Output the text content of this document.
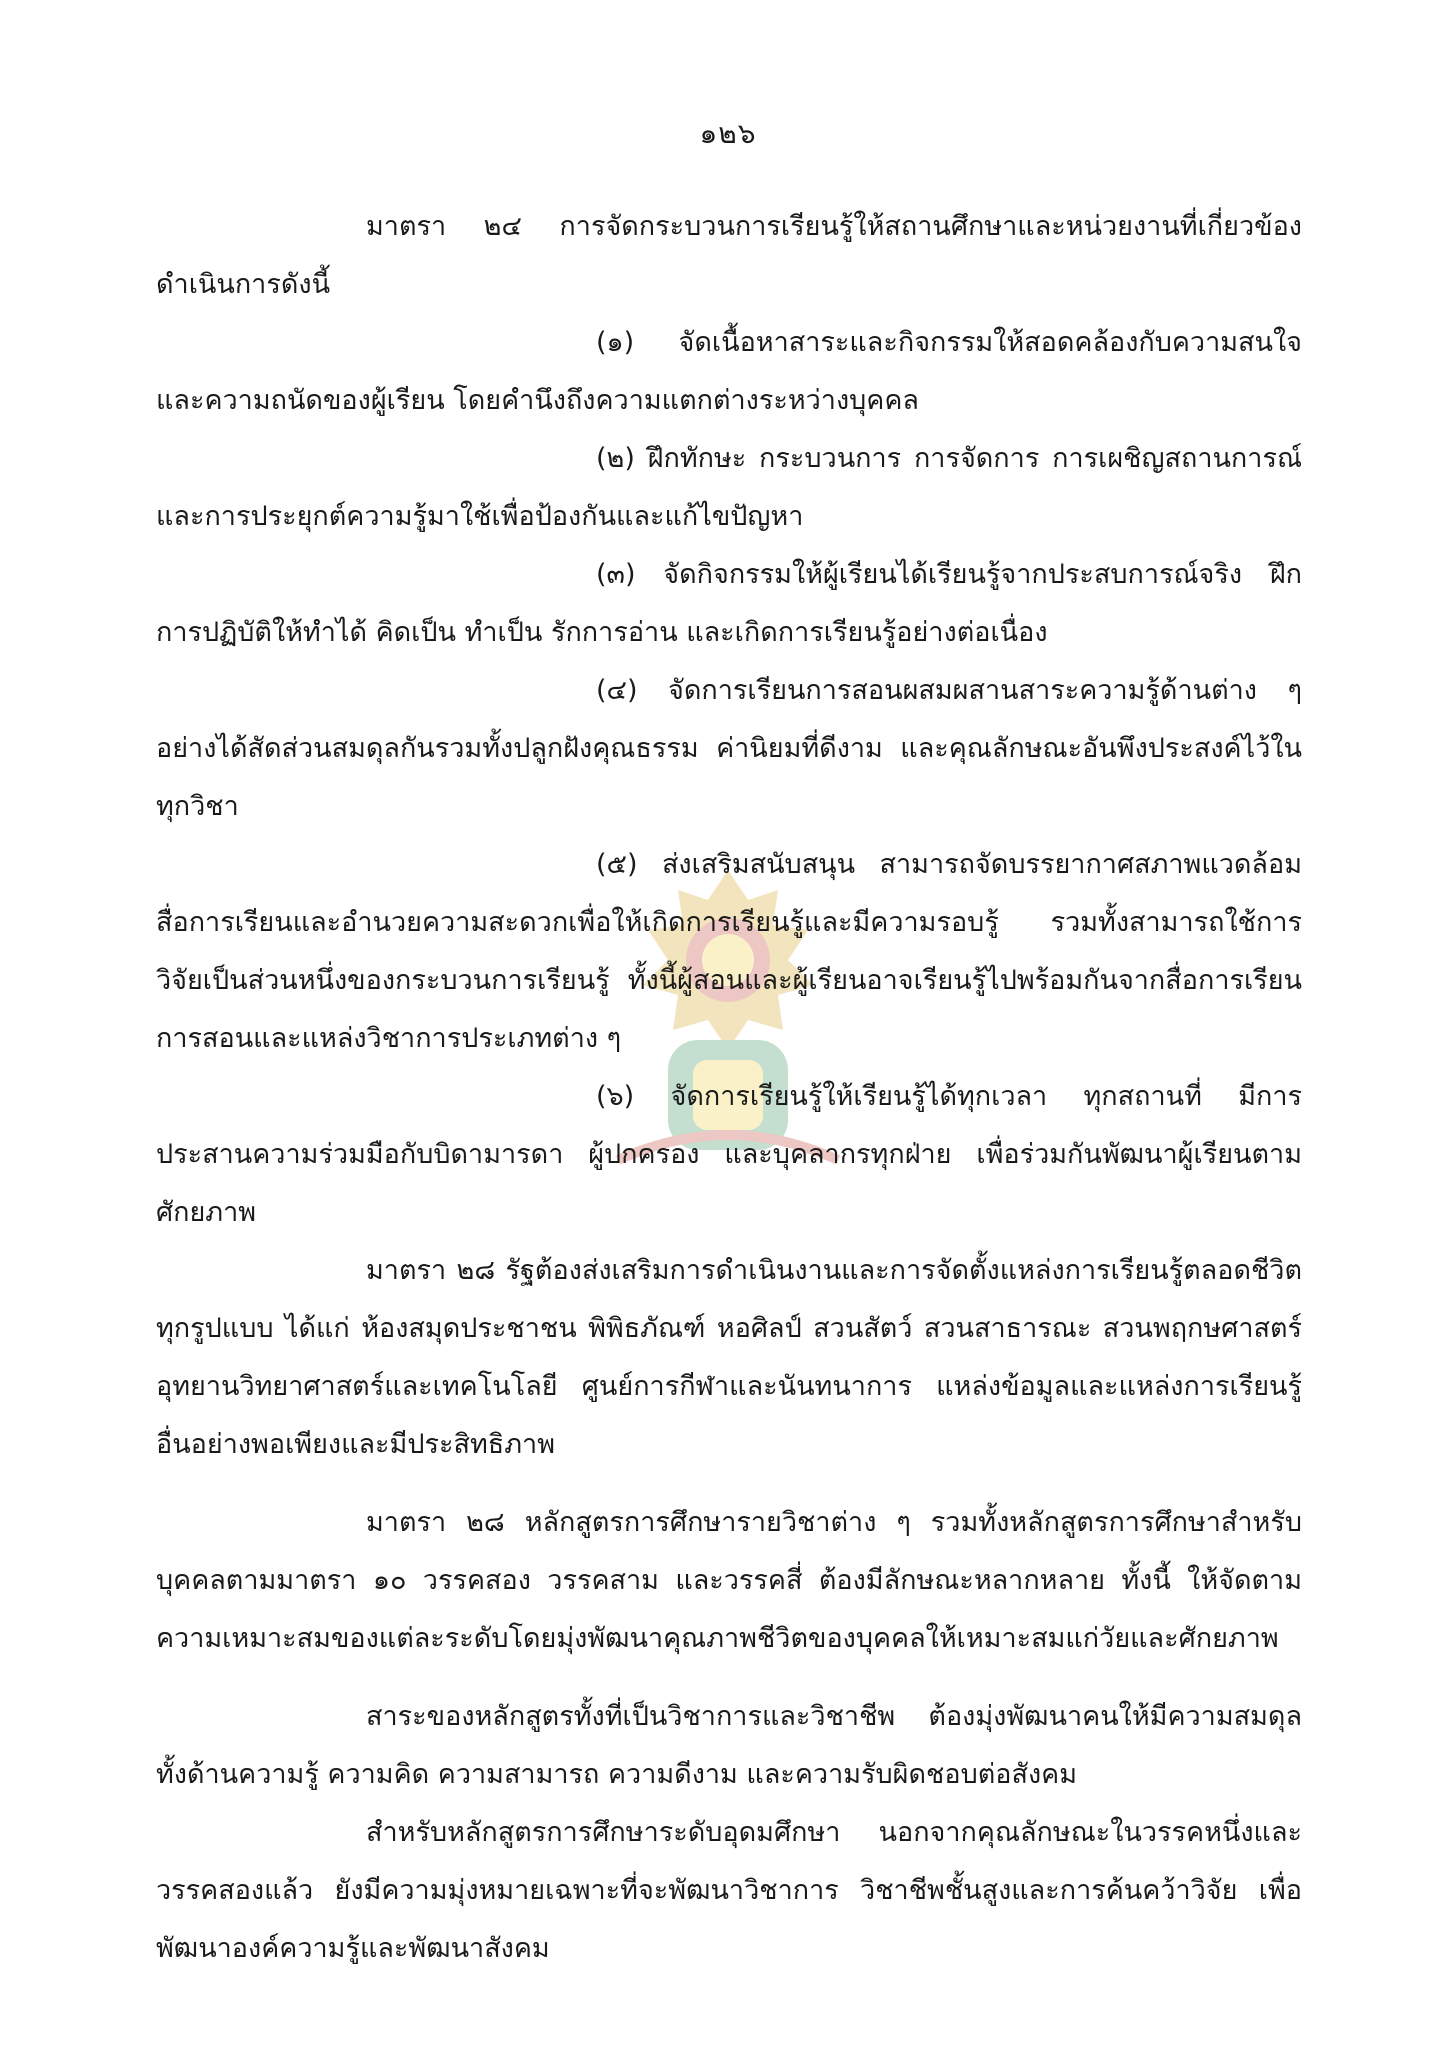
๑๒๖

มาตรา ๒๔ การจัดกระบวนการเรียนรู้ให้สถานศึกษาและหน่วยงานที่เกี่ยวข้อง ดำเนินการดังนี้

(๑) จัดเนื้อหาสาระและกิจกรรมให้สอดคล้องกับความสนใจและความถนัดของผู้เรียน โดยคำนึงถึงความแตกต่างระหว่างบุคคล

(๒) ฝึกทักษะ กระบวนการ การจัดการ การเผชิญสถานการณ์และการประยุกต์ความรู้มาใช้เพื่อป้องกันและแก้ไขปัญหา

(๓) จัดกิจกรรมให้ผู้เรียนได้เรียนรู้จากประสบการณ์จริง ฝึกการปฏิบัติให้ทำได้ คิดเป็น ทำเป็น รักการอ่าน และเกิดการเรียนรู้อย่างต่อเนื่อง

(๔) จัดการเรียนการสอนผสมผสานสาระความรู้ด้านต่าง ๆ อย่างได้สัดส่วนสมดุลกันรวมทั้งปลูกฝังคุณธรรม ค่านิยมที่ดีงาม และคุณลักษณะอันพึงประสงค์ไว้ในทุกวิชา

(๕) ส่งเสริมสนับสนุน สามารถจัดบรรยากาศสภาพแวดล้อม สื่อการเรียนและอำนวยความสะดวกเพื่อให้เกิดการเรียนรู้และมีความรอบรู้ รวมทั้งสามารถใช้การวิจัยเป็นส่วนหนึ่งของกระบวนการเรียนรู้ ทั้งนี้ผู้สอนและผู้เรียนอาจเรียนรู้ไปพร้อมกันจากสื่อการเรียนการสอนและแหล่งวิชาการประเภทต่าง ๆ

(๖) จัดการเรียนรู้ให้เรียนรู้ได้ทุกเวลา ทุกสถานที่ มีการประสานความร่วมมือกับบิดามารดา ผู้ปกครอง และบุคลากรทุกฝ่าย เพื่อร่วมกันพัฒนาผู้เรียนตามศักยภาพ

มาตรา ๒๘ รัฐต้องส่งเสริมการดำเนินงานและการจัดตั้งแหล่งการเรียนรู้ตลอดชีวิตทุกรูปแบบ ได้แก่ ห้องสมุดประชาชน พิพิธภัณฑ์ หอศิลป์ สวนสัตว์ สวนสาธารณะ สวนพฤกษศาสตร์ อุทยานวิทยาศาสตร์และเทคโนโลยี ศูนย์การกีฬาและนันทนาการ แหล่งข้อมูลและแหล่งการเรียนรู้อื่นอย่างพอเพียงและมีประสิทธิภาพ

มาตรา ๒๘ หลักสูตรการศึกษารายวิชาต่าง ๆ รวมทั้งหลักสูตรการศึกษาสำหรับบุคคลตามมาตรา ๑๐ วรรคสอง วรรคสาม และวรรคสี่ ต้องมีลักษณะหลากหลาย ทั้งนี้ ให้จัดตามความเหมาะสมของแต่ละระดับโดยมุ่งพัฒนาคุณภาพชีวิตของบุคคลให้เหมาะสมแก่วัยและศักยภาพ

สาระของหลักสูตรทั้งที่เป็นวิชาการและวิชาชีพ ต้องมุ่งพัฒนาคนให้มีความสมดุลทั้งด้านความรู้ ความคิด ความสามารถ ความดีงาม และความรับผิดชอบต่อสังคม

สำหรับหลักสูตรการศึกษาระดับอุดมศึกษา นอกจากคุณลักษณะในวรรคหนึ่งและวรรคสองแล้ว ยังมีความมุ่งหมายเฉพาะที่จะพัฒนาวิชาการ วิชาชีพชั้นสูงและการค้นคว้าวิจัย เพื่อพัฒนาองค์ความรู้และพัฒนาสังคม
